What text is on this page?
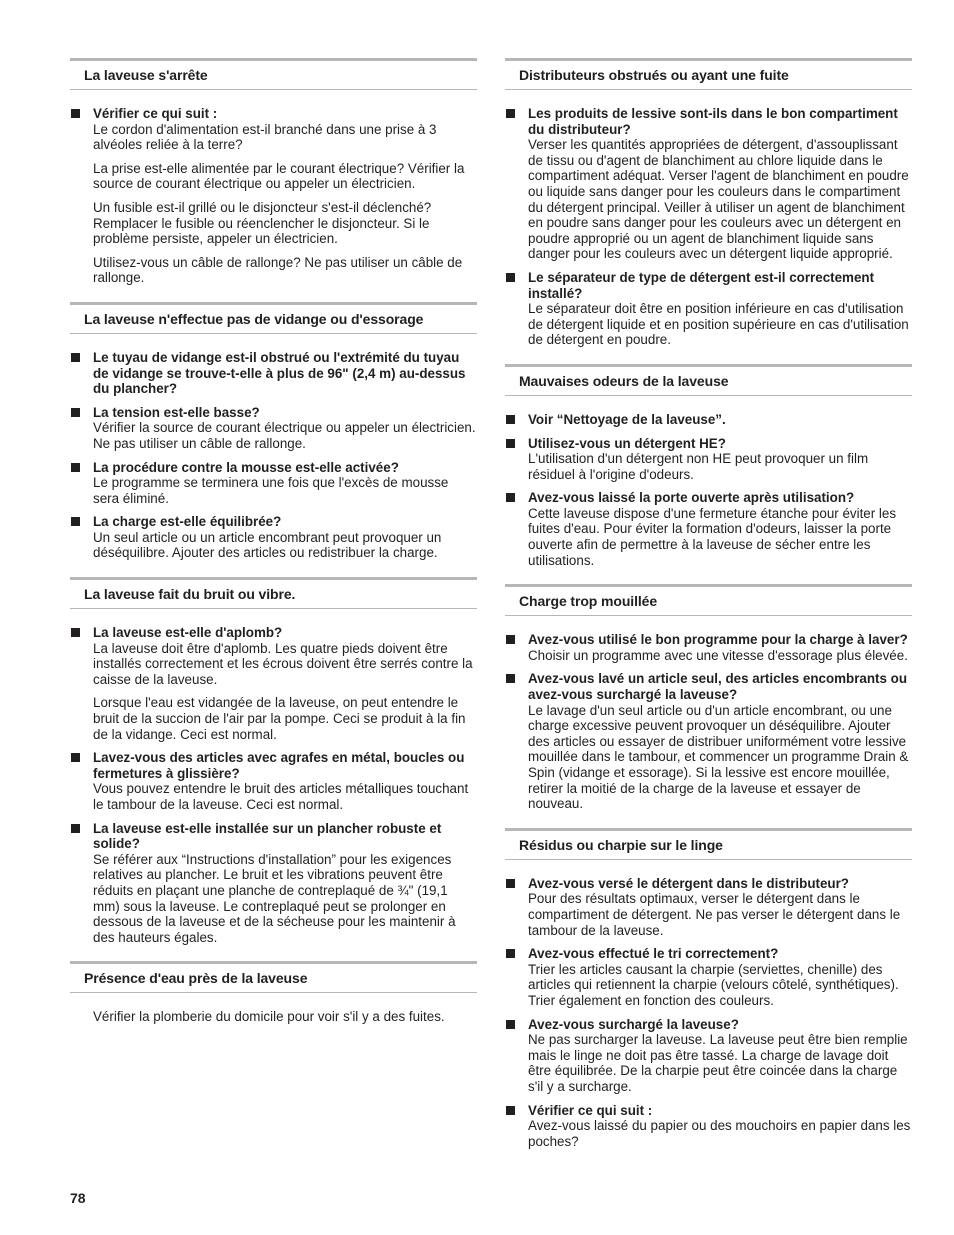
La laveuse s'arrête
Vérifier ce qui suit :
Le cordon d'alimentation est-il branché dans une prise à 3 alvéoles reliée à la terre?
La prise est-elle alimentée par le courant électrique? Vérifier la source de courant électrique ou appeler un électricien.
Un fusible est-il grillé ou le disjoncteur s'est-il déclenché? Remplacer le fusible ou réenclencher le disjoncteur. Si le problème persiste, appeler un électricien.
Utilisez-vous un câble de rallonge? Ne pas utiliser un câble de rallonge.
La laveuse n'effectue pas de vidange ou d'essorage
Le tuyau de vidange est-il obstrué ou l'extrémité du tuyau de vidange se trouve-t-elle à plus de 96" (2,4 m) au-dessus du plancher?
La tension est-elle basse?
Vérifier la source de courant électrique ou appeler un électricien. Ne pas utiliser un câble de rallonge.
La procédure contre la mousse est-elle activée?
Le programme se terminera une fois que l'excès de mousse sera éliminé.
La charge est-elle équilibrée?
Un seul article ou un article encombrant peut provoquer un déséquilibre. Ajouter des articles ou redistribuer la charge.
La laveuse fait du bruit ou vibre.
La laveuse est-elle d'aplomb?
La laveuse doit être d'aplomb. Les quatre pieds doivent être installés correctement et les écrous doivent être serrés contre la caisse de la laveuse.
Lorsque l'eau est vidangée de la laveuse, on peut entendre le bruit de la succion de l'air par la pompe. Ceci se produit à la fin de la vidange. Ceci est normal.
Lavez-vous des articles avec agrafes en métal, boucles ou fermetures à glissière?
Vous pouvez entendre le bruit des articles métalliques touchant le tambour de la laveuse. Ceci est normal.
La laveuse est-elle installée sur un plancher robuste et solide?
Se référer aux “Instructions d'installation” pour les exigences relatives au plancher. Le bruit et les vibrations peuvent être réduits en plaçant une planche de contreplaqué de ¾" (19,1 mm) sous la laveuse. Le contreplaqué peut se prolonger en dessous de la laveuse et de la sécheuse pour les maintenir à des hauteurs égales.
Présence d'eau près de la laveuse
Vérifier la plomberie du domicile pour voir s'il y a des fuites.
Distributeurs obstrués ou ayant une fuite
Les produits de lessive sont-ils dans le bon compartiment du distributeur?
Verser les quantités appropriées de détergent, d'assouplissant de tissu ou d'agent de blanchiment au chlore liquide dans le compartiment adéquat. Verser l'agent de blanchiment en poudre ou liquide sans danger pour les couleurs dans le compartiment du détergent principal. Veiller à utiliser un agent de blanchiment en poudre sans danger pour les couleurs avec un détergent en poudre approprié ou un agent de blanchiment liquide sans danger pour les couleurs avec un détergent liquide approprié.
Le séparateur de type de détergent est-il correctement installé?
Le séparateur doit être en position inférieure en cas d'utilisation de détergent liquide et en position supérieure en cas d'utilisation de détergent en poudre.
Mauvaises odeurs de la laveuse
Voir “Nettoyage de la laveuse”.
Utilisez-vous un détergent HE?
L'utilisation d'un détergent non HE peut provoquer un film résiduel à l'origine d'odeurs.
Avez-vous laissé la porte ouverte après utilisation?
Cette laveuse dispose d'une fermeture étanche pour éviter les fuites d'eau. Pour éviter la formation d'odeurs, laisser la porte ouverte afin de permettre à la laveuse de sécher entre les utilisations.
Charge trop mouillée
Avez-vous utilisé le bon programme pour la charge à laver?
Choisir un programme avec une vitesse d'essorage plus élevée.
Avez-vous lavé un article seul, des articles encombrants ou avez-vous surchargé la laveuse?
Le lavage d'un seul article ou d'un article encombrant, ou une charge excessive peuvent provoquer un déséquilibre. Ajouter des articles ou essayer de distribuer uniformément votre lessive mouillée dans le tambour, et commencer un programme Drain & Spin (vidange et essorage). Si la lessive est encore mouillée, retirer la moitié de la charge de la laveuse et essayer de nouveau.
Résidus ou charpie sur le linge
Avez-vous versé le détergent dans le distributeur?
Pour des résultats optimaux, verser le détergent dans le compartiment de détergent. Ne pas verser le détergent dans le tambour de la laveuse.
Avez-vous effectué le tri correctement?
Trier les articles causant la charpie (serviettes, chenille) des articles qui retiennent la charpie (velours côtelé, synthétiques). Trier également en fonction des couleurs.
Avez-vous surchargé la laveuse?
Ne pas surcharger la laveuse. La laveuse peut être bien remplie mais le linge ne doit pas être tassé. La charge de lavage doit être équilibrée. De la charpie peut être coincée dans la charge s'il y a surcharge.
Vérifier ce qui suit :
Avez-vous laissé du papier ou des mouchoirs en papier dans les poches?
78
